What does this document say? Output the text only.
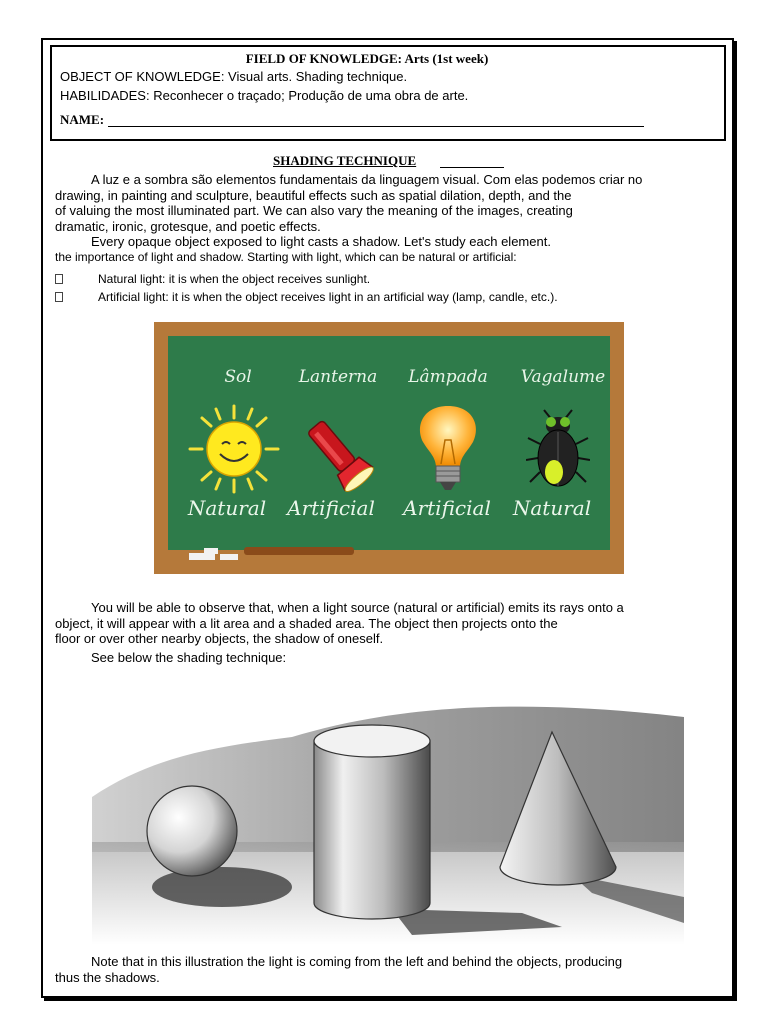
FIELD OF KNOWLEDGE: Arts (1st week)
OBJECT OF KNOWLEDGE: Visual arts. Shading technique.
HABILIDADES: Reconhecer o traçado; Produção de uma obra de arte.
NAME:
SHADING TECHNIQUE
A luz e a sombra são elementos fundamentais da linguagem visual. Com elas podemos criar no
drawing, in painting and sculpture, beautiful effects such as spatial dilation, depth, and the
of valuing the most illuminated part. We can also vary the meaning of the images, creating
dramatic, ironic, grotesque, and poetic effects.
Every opaque object exposed to light casts a shadow. Let's study each element.
the importance of light and shadow. Starting with light, which can be natural or artificial:
Natural light: it is when the object receives sunlight.
Artificial light: it is when the object receives light in an artificial way (lamp, candle, etc.).
Sol	Lanterna	Lâmpada	Vagalume
Natural	Artificial	Artificial	Natural
You will be able to observe that, when a light source (natural or artificial) emits its rays onto a
object, it will appear with a lit area and a shaded area. The object then projects onto the
floor or over other nearby objects, the shadow of oneself.
See below the shading technique:
Note that in this illustration the light is coming from the left and behind the objects, producing
thus the shadows.
